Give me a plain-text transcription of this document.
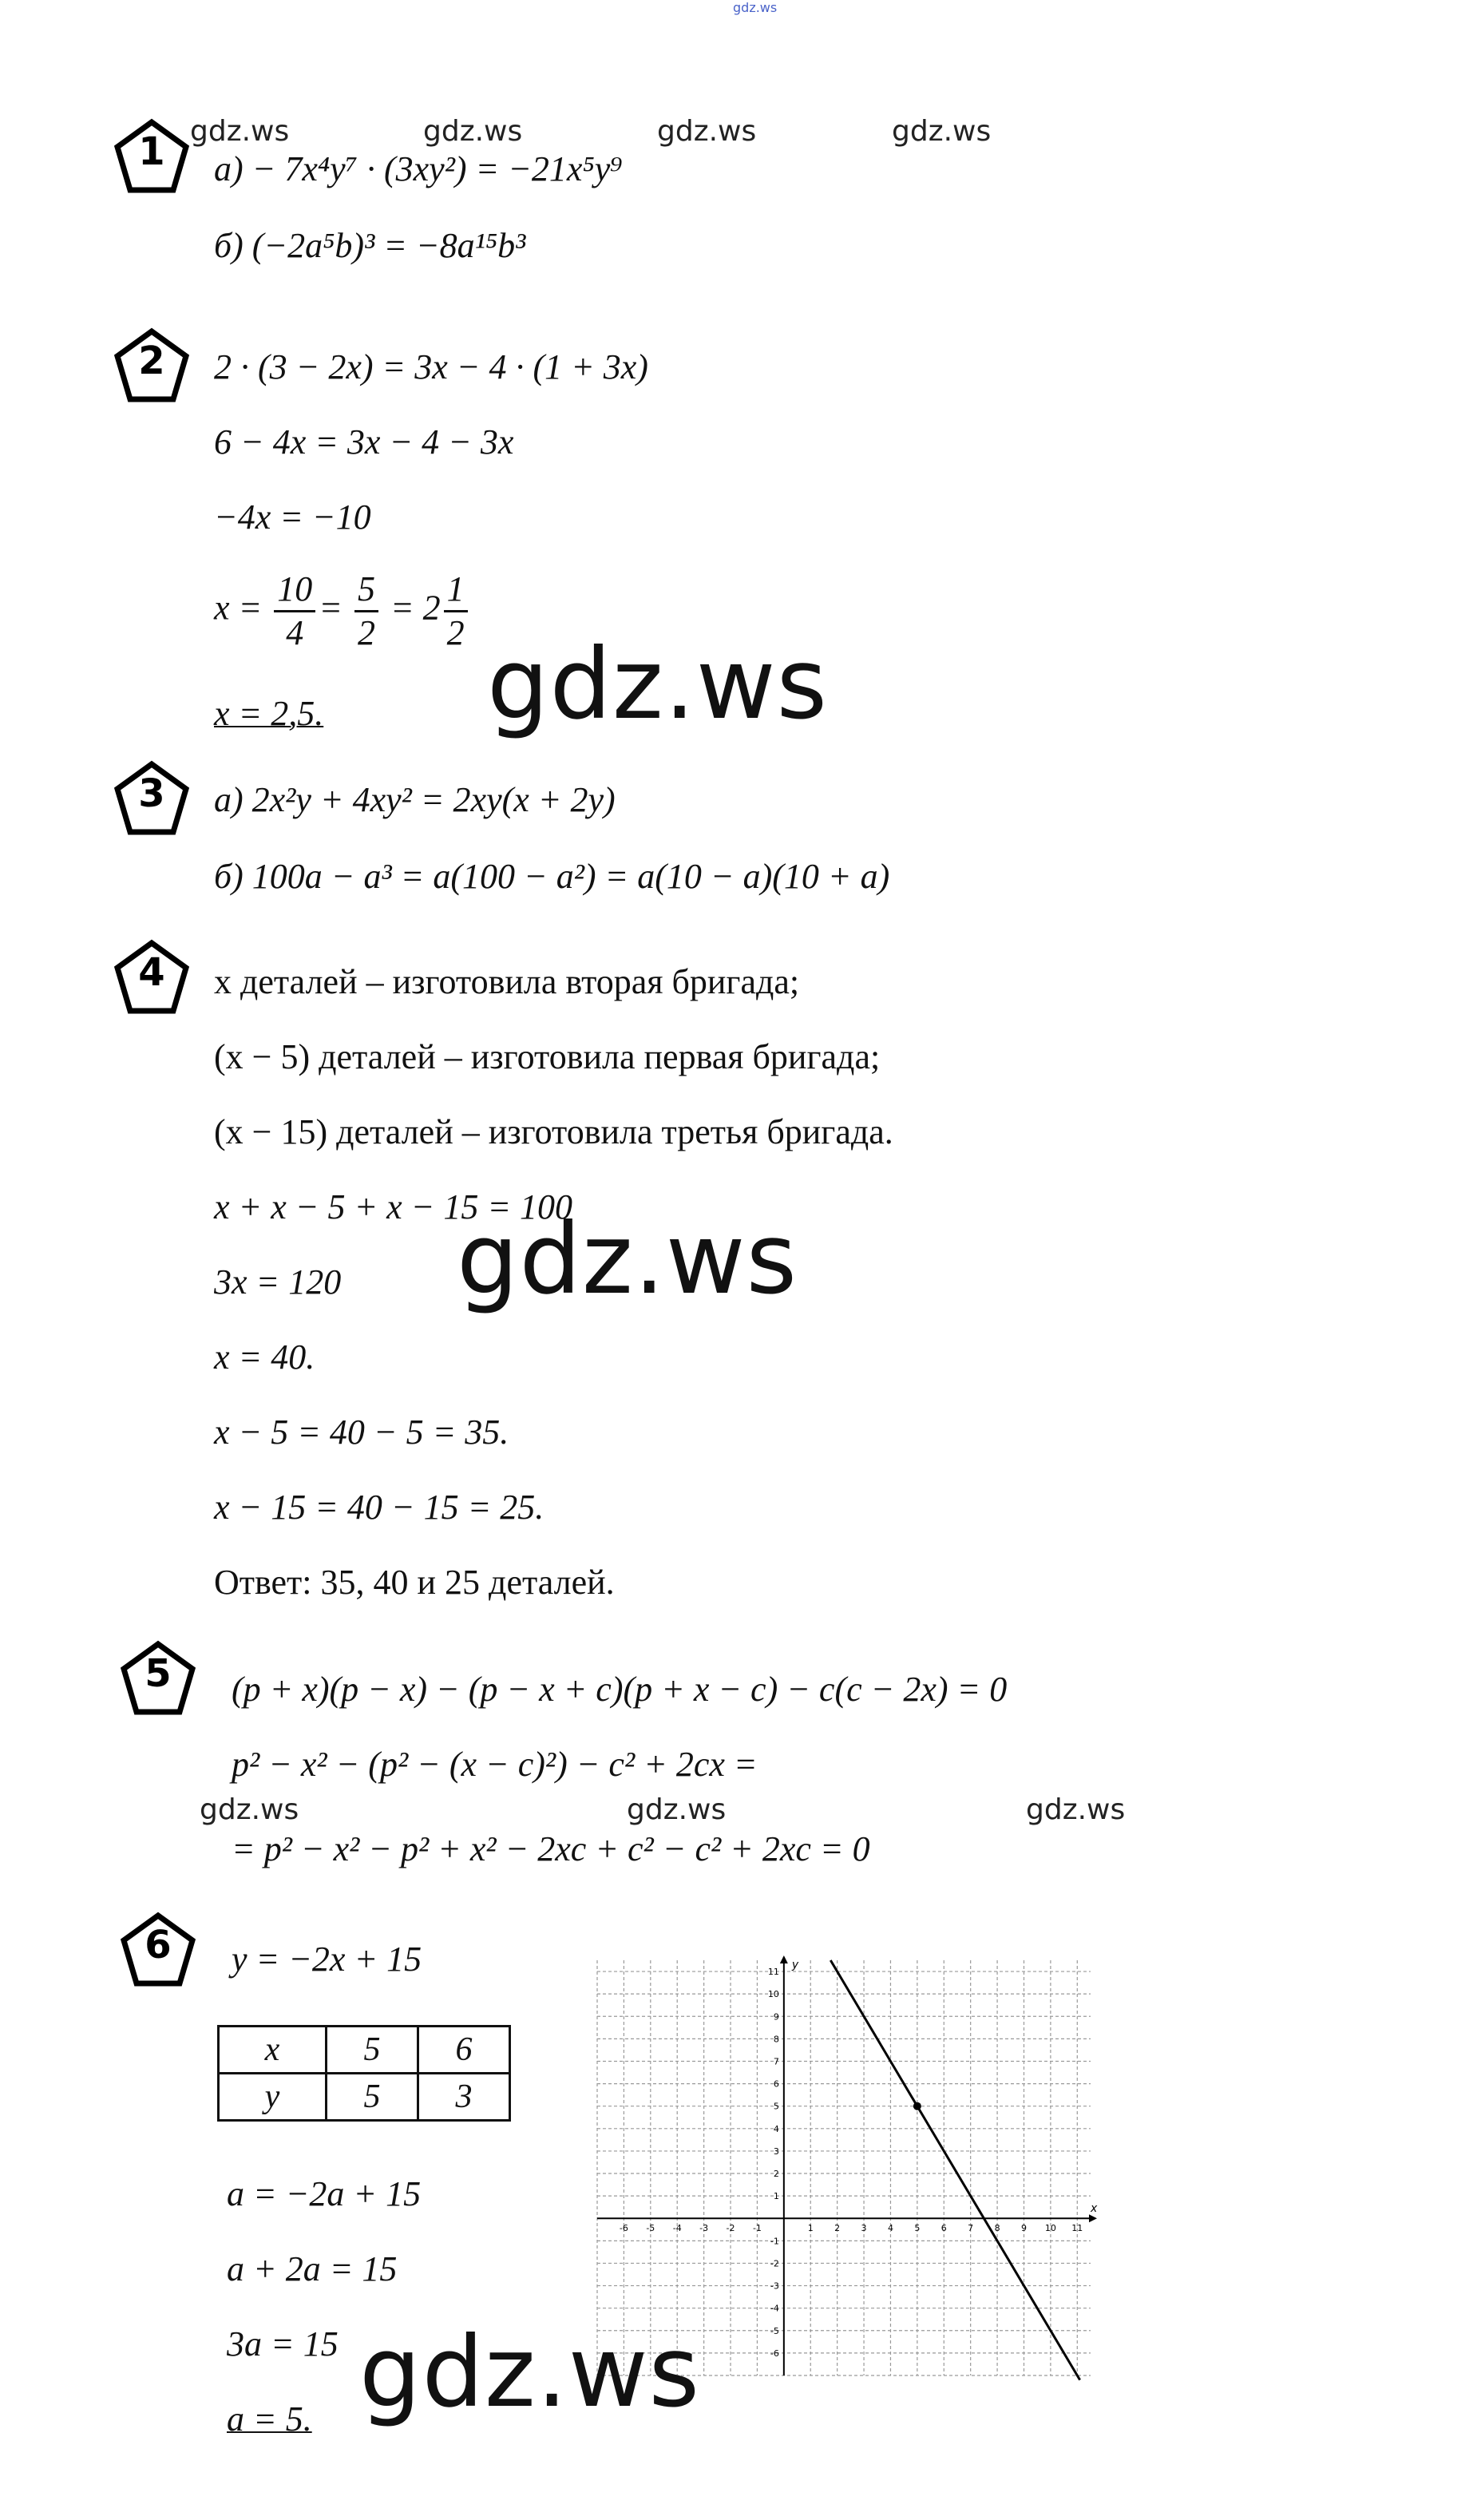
gdz.ws
gdz.ws	gdz.ws	gdz.ws	gdz.ws
1	а) − 7x⁴y⁷ · (3xy²) = −21x⁵y⁹
б) (−2a⁵b)³ = −8a¹⁵b³
2	2 · (3 − 2x) = 3x − 4 · (1 + 3x)
6 − 4x = 3x − 4 − 3x
−4x = −10
$x = \frac{10}{4} = \frac{5}{2} = 2 \frac{1}{2}$
x = 2,5. gdz.ws
3	а) 2x²y + 4xy² = 2xy(x + 2y)
б) 100a − a³ = a(100 − a²) = a(10 − a)(10 + a)
4	x деталей – изготовила вторая бригада;
(x − 5) деталей – изготовила первая бригада;
(x − 15) деталей – изготовила третья бригада.
x + x − 5 + x − 15 = 100
3x = 120
x = 40.
x − 5 = 40 − 5 = 35.
x − 15 = 40 − 15 = 25.
Ответ: 35, 40 и 25 деталей.
gdz.ws
5	(p + x)(p − x) − (p − x + c)(p + x − c) − c(c − 2x) = 0
p² − x² − (p² − (x − c)²) − c² + 2cx =
= p² − x² − p² + x² − 2xc + c² − c² + 2xc = 0
gdz.ws	gdz.ws	gdz.ws
6	y = −2x + 15
x	5	6
y	5	3
a = −2a + 15
a + 2a = 15
3a = 15
a = 5.
x
y
-6 -5 -4 -3 -2 -1	1 2 3 4 5 6 7 8 9 10 11
-6
-5
-4
-3
-2
-1
1
2
3
4
5
6
7
8
9
10
11
gdz.ws
